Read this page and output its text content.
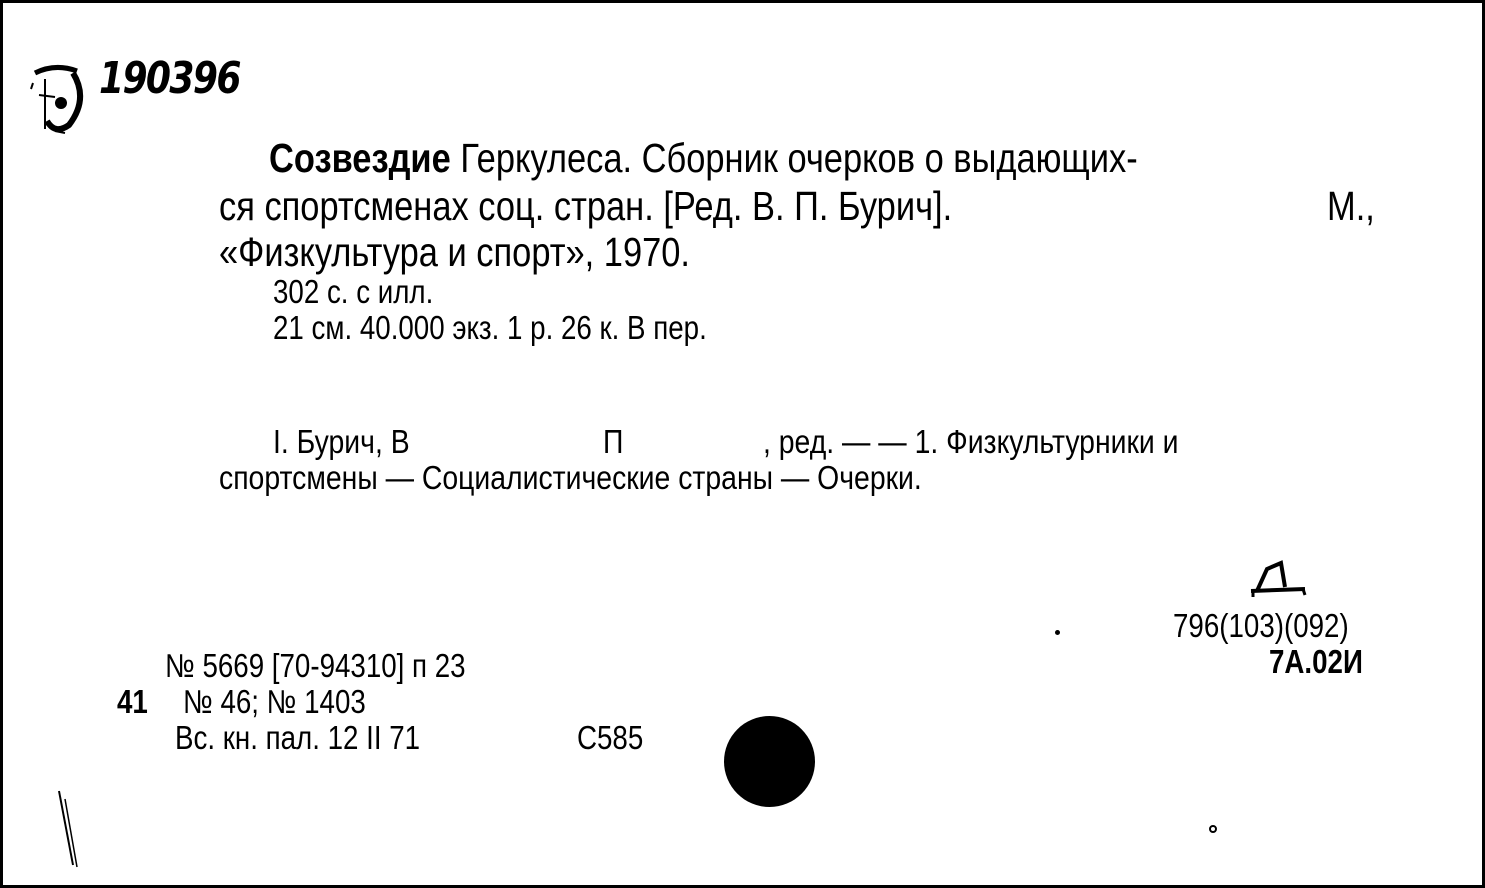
190396
Созвездие Геркулеса. Сборник очерков о выдающих-
ся спортсменах соц. стран. [Ред. В. П. Бурич].	М.,
«Физкультура и спорт», 1970.
302 с. с илл.
21 см. 40.000 экз. 1 р. 26 к. В пер.
I. Бурич, В	П	, ред. — — 1. Физкультурники и
спортсмены — Социалистические страны — Очерки.
796(103)(092)
7А.02И
№ 5669 [70-94310] п 23
41 № 46; № 1403
Вс. кн. пал. 12 II 71	С585
